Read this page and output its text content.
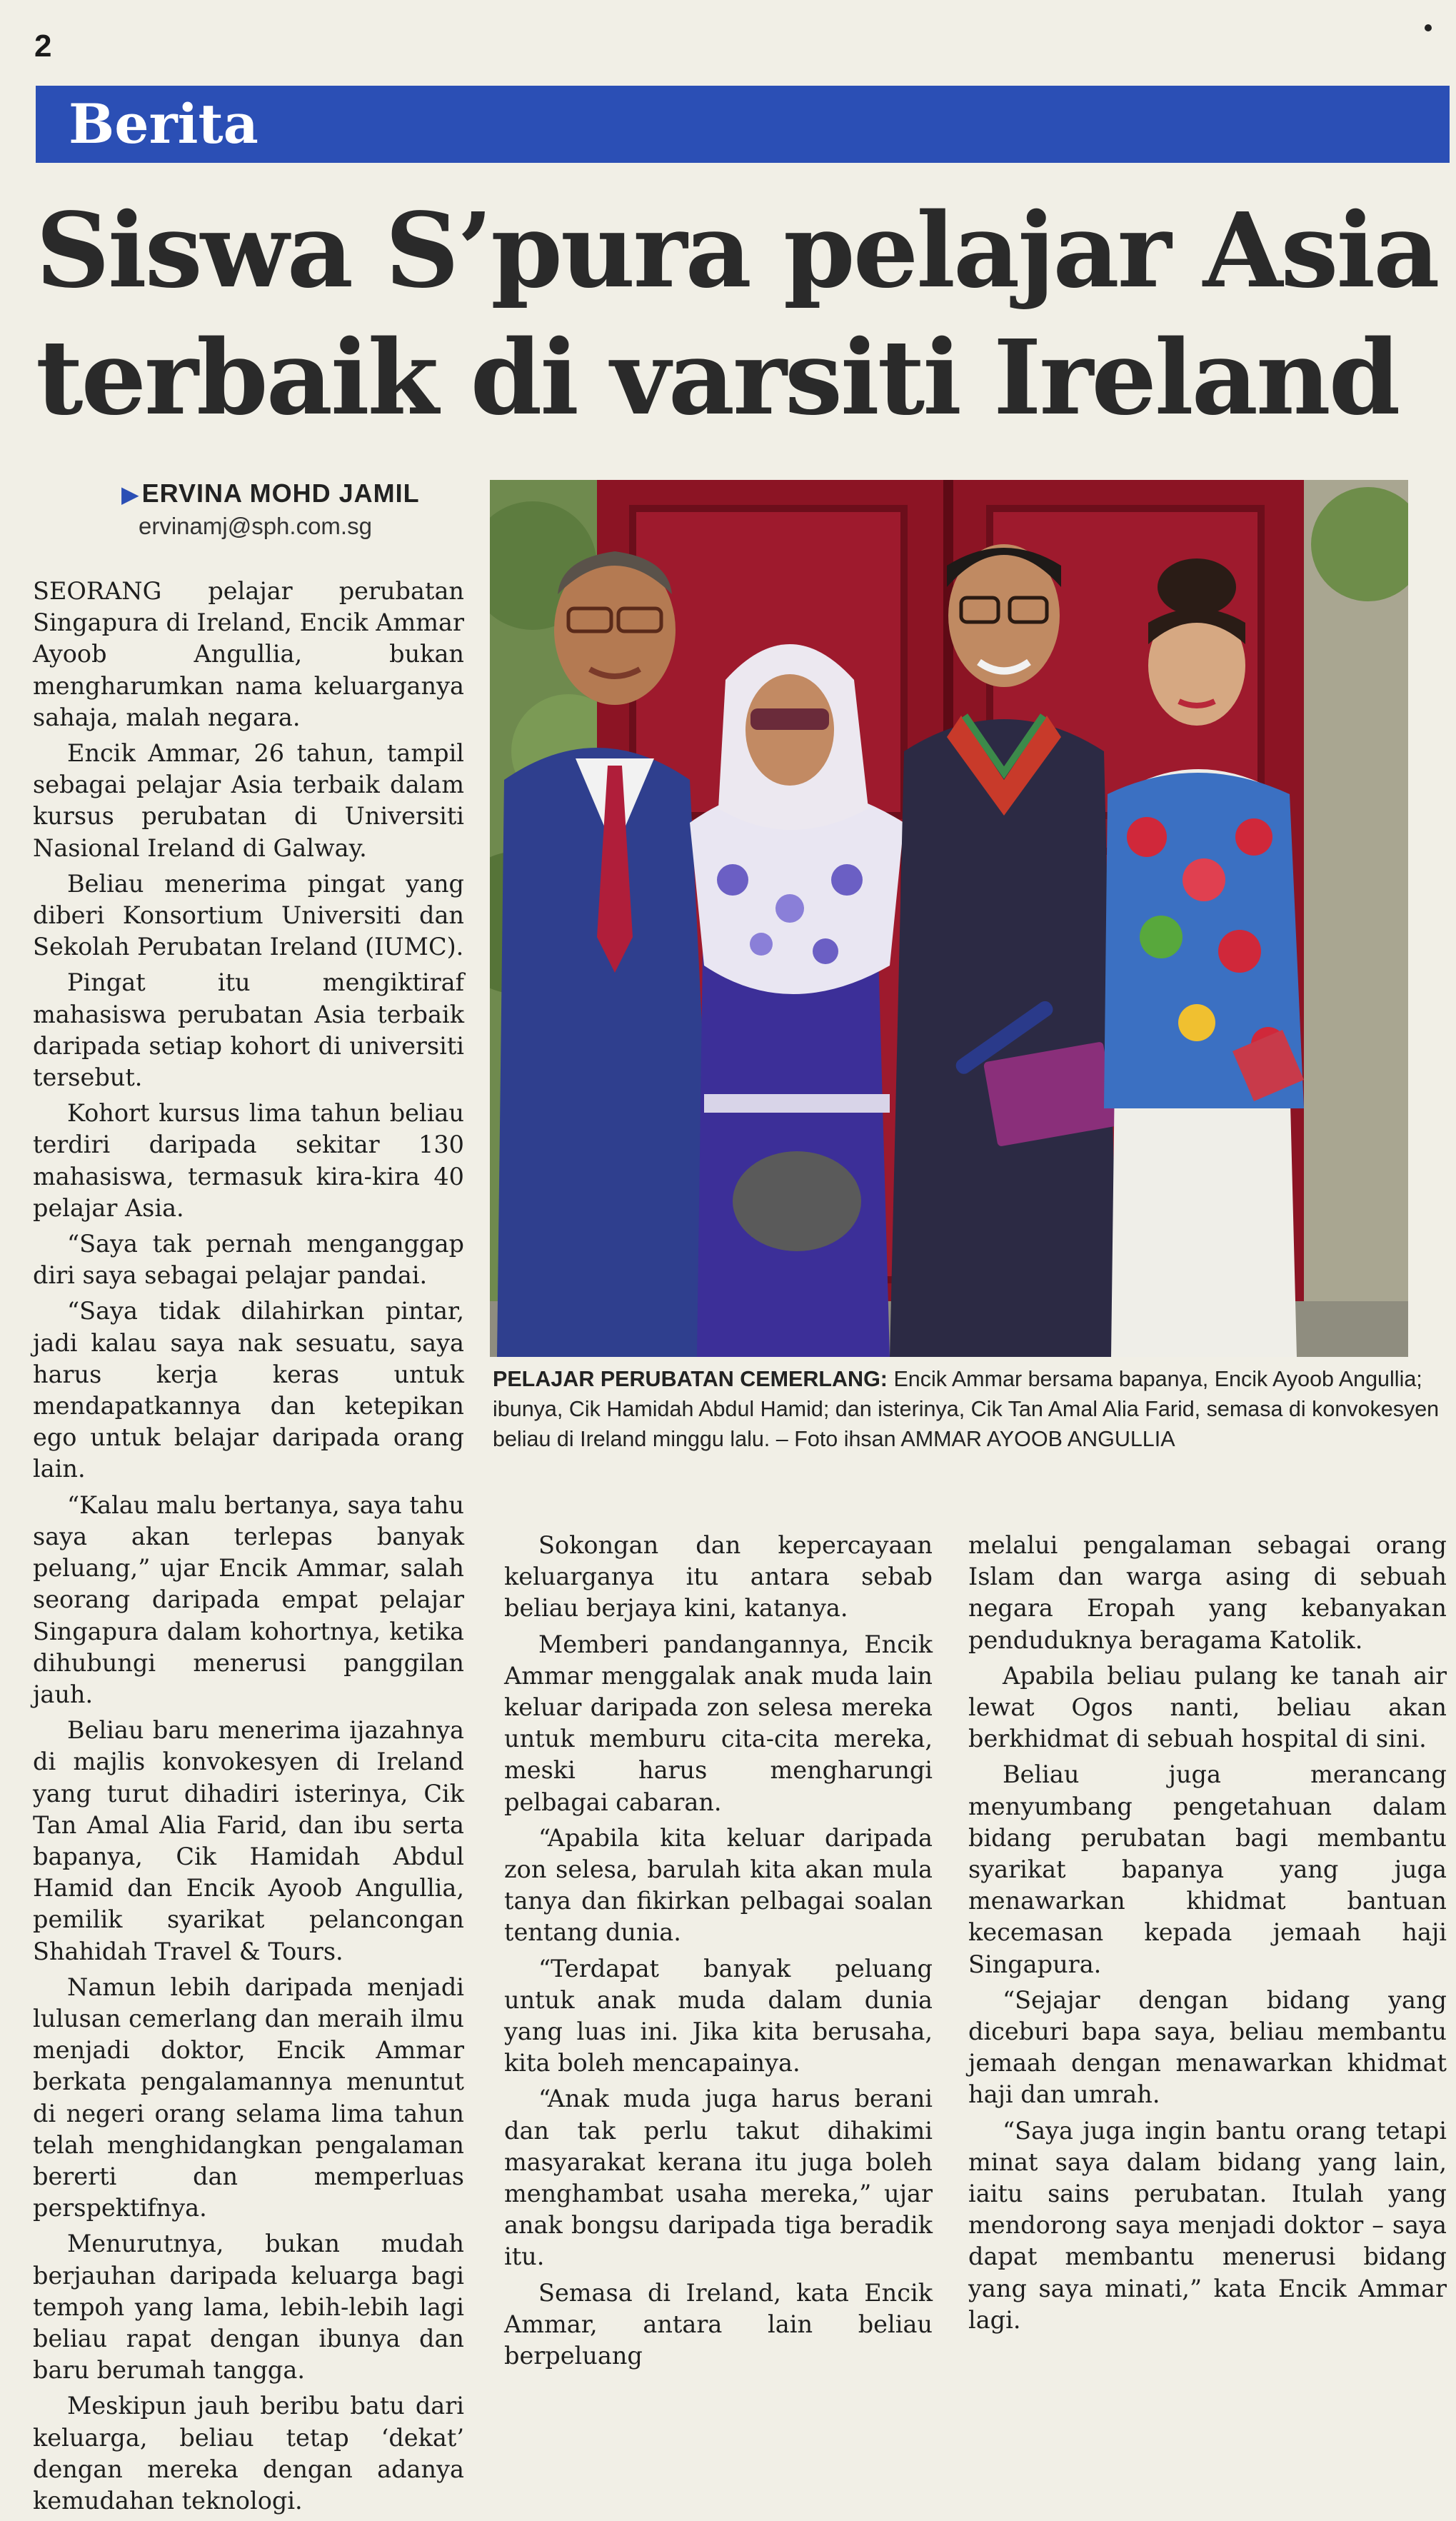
2
Berita
Siswa S’pura pelajar Asia
terbaik di varsiti Ireland
▶ ERVINA MOHD JAMIL
ervinamj@sph.com.sg

SEORANG pelajar perubatan Singapura di Ireland, Encik Ammar Ayoob Angullia, bukan mengharumkan nama keluarganya sahaja, malah negara.

Encik Ammar, 26 tahun, tampil sebagai pelajar Asia terbaik dalam kursus perubatan di Universiti Nasional Ireland di Galway.

Beliau menerima pingat yang diberi Konsortium Universiti dan Sekolah Perubatan Ireland (IUMC).

Pingat itu mengiktiraf mahasiswa perubatan Asia terbaik daripada setiap kohort di universiti tersebut.

Kohort kursus lima tahun beliau terdiri daripada sekitar 130 mahasiswa, termasuk kira-kira 40 pelajar Asia.

“Saya tak pernah menganggap diri saya sebagai pelajar pandai.

“Saya tidak dilahirkan pintar, jadi kalau saya nak sesuatu, saya harus kerja keras untuk mendapatkannya dan ketepikan ego untuk belajar daripada orang lain.

“Kalau malu bertanya, saya tahu saya akan terlepas banyak peluang,” ujar Encik Ammar, salah seorang daripada empat pelajar Singapura dalam kohortnya, ketika dihubungi menerusi panggilan jauh.

Beliau baru menerima ijazahnya di majlis konvokesyen di Ireland yang turut dihadiri isterinya, Cik Tan Amal Alia Farid, dan ibu serta bapanya, Cik Hamidah Abdul Hamid dan Encik Ayoob Angullia, pemilik syarikat pelancongan Shahidah Travel & Tours.

Namun lebih daripada menjadi lulusan cemerlang dan meraih ilmu menjadi doktor, Encik Ammar berkata pengalamannya menuntut di negeri orang selama lima tahun telah menghidangkan pengalaman bererti dan memperluas perspektifnya.

Menurutnya, bukan mudah berjauhan daripada keluarga bagi tempoh yang lama, lebih-lebih lagi beliau rapat dengan ibunya dan baru berumah tangga.

Meskipun jauh beribu batu dari keluarga, beliau tetap ‘dekat’ dengan mereka dengan adanya kemudahan teknologi.

PELAJAR PERUBATAN CEMERLANG: Encik Ammar bersama bapanya, Encik Ayoob Angullia; ibunya, Cik Hamidah Abdul Hamid; dan isterinya, Cik Tan Amal Alia Farid, semasa di konvokesyen beliau di Ireland minggu lalu. – Foto ihsan AMMAR AYOOB ANGULLIA

Sokongan dan kepercayaan keluarganya itu antara sebab beliau berjaya kini, katanya.

Memberi pandangannya, Encik Ammar menggalak anak muda lain keluar daripada zon selesa mereka untuk memburu cita-cita mereka, meski harus mengharungi pelbagai cabaran.

“Apabila kita keluar daripada zon selesa, barulah kita akan mula tanya dan fikirkan pelbagai soalan tentang dunia.

“Terdapat banyak peluang untuk anak muda dalam dunia yang luas ini. Jika kita berusaha, kita boleh mencapainya.

“Anak muda juga harus berani dan tak perlu takut dihakimi masyarakat kerana itu juga boleh menghambat usaha mereka,” ujar anak bongsu daripada tiga beradik itu.

Semasa di Ireland, kata Encik Ammar, antara lain beliau berpeluang

melalui pengalaman sebagai orang Islam dan warga asing di sebuah negara Eropah yang kebanyakan penduduknya beragama Katolik.

Apabila beliau pulang ke tanah air lewat Ogos nanti, beliau akan berkhidmat di sebuah hospital di sini.

Beliau juga merancang menyumbang pengetahuan dalam bidang perubatan bagi membantu syarikat bapanya yang juga menawarkan khidmat bantuan kecemasan kepada jemaah haji Singapura.

“Sejajar dengan bidang yang diceburi bapa saya, beliau membantu jemaah dengan menawarkan khidmat haji dan umrah.

“Saya juga ingin bantu orang tetapi minat saya dalam bidang yang lain, iaitu sains perubatan. Itulah yang mendorong saya menjadi doktor – saya dapat membantu menerusi bidang yang saya minati,” kata Encik Ammar lagi.
